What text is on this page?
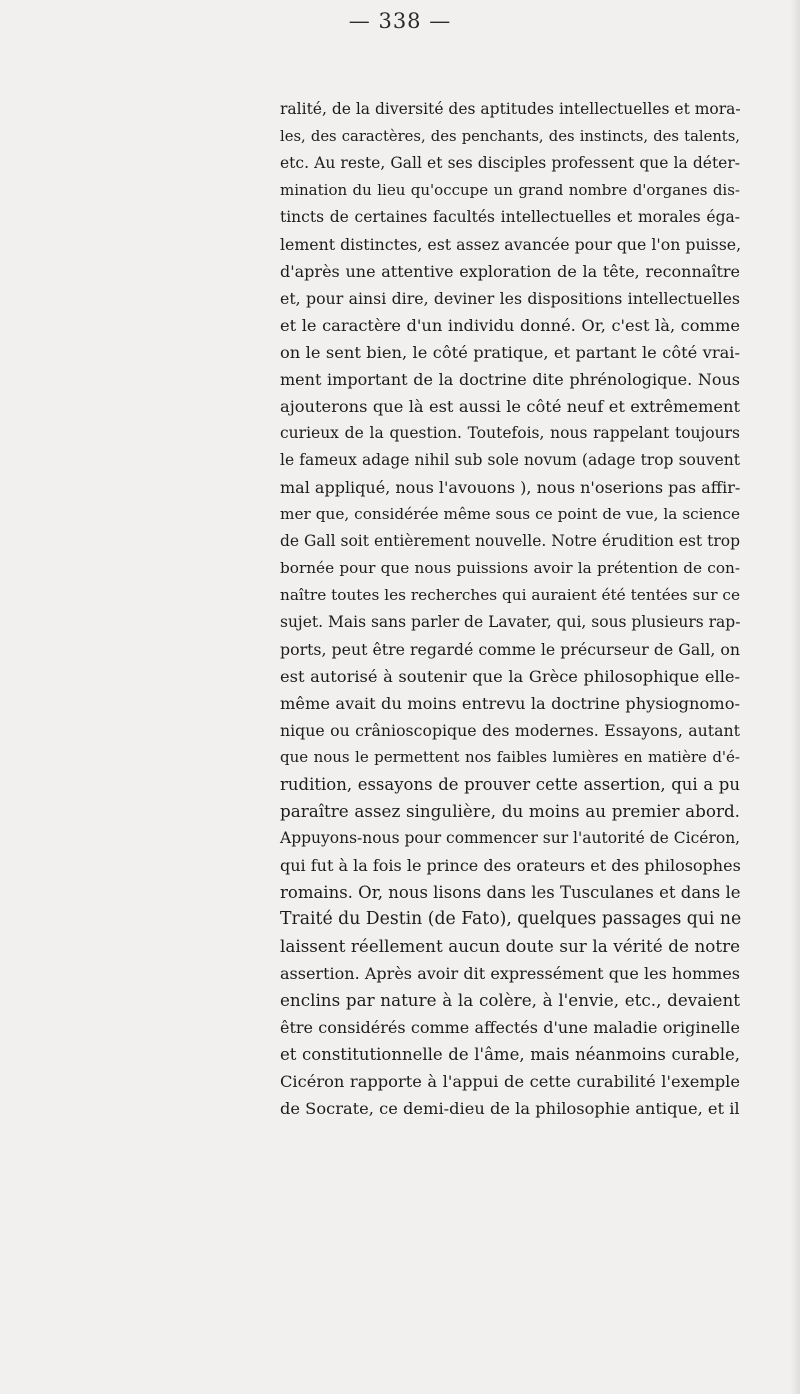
— 338 —
ralité, de la diversité des aptitudes intellectuelles et mora-
les, des caractères, des penchants, des instincts, des talents,
etc. Au reste, Gall et ses disciples professent que la déter-
mination du lieu qu'occupe un grand nombre d'organes dis-
tincts de certaines facultés intellectuelles et morales éga-
lement distinctes, est assez avancée pour que l'on puisse,
d'après une attentive exploration de la tête, reconnaître
et, pour ainsi dire, deviner les dispositions intellectuelles
et le caractère d'un individu donné. Or, c'est là, comme
on le sent bien, le côté pratique, et partant le côté vrai-
ment important de la doctrine dite phrénologique. Nous
ajouterons que là est aussi le côté neuf et extrêmement
curieux de la question. Toutefois, nous rappelant toujours
le fameux adage nihil sub sole novum (adage trop souvent
mal appliqué, nous l'avouons ), nous n'oserions pas affir-
mer que, considérée même sous ce point de vue, la science
de Gall soit entièrement nouvelle. Notre érudition est trop
bornée pour que nous puissions avoir la prétention de con-
naître toutes les recherches qui auraient été tentées sur ce
sujet. Mais sans parler de Lavater, qui, sous plusieurs rap-
ports, peut être regardé comme le précurseur de Gall, on
est autorisé à soutenir que la Grèce philosophique elle-
même avait du moins entrevu la doctrine physiognomo-
nique ou crânioscopique des modernes. Essayons, autant
que nous le permettent nos faibles lumières en matière d'é-
rudition, essayons de prouver cette assertion, qui a pu
paraître assez singulière, du moins au premier abord.
Appuyons-nous pour commencer sur l'autorité de Cicéron,
qui fut à la fois le prince des orateurs et des philosophes
romains. Or, nous lisons dans les Tusculanes et dans le
Traité du Destin (de Fato), quelques passages qui ne
laissent réellement aucun doute sur la vérité de notre
assertion. Après avoir dit expressément que les hommes
enclins par nature à la colère, à l'envie, etc., devaient
être considérés comme affectés d'une maladie originelle
et constitutionnelle de l'âme, mais néanmoins curable,
Cicéron rapporte à l'appui de cette curabilité l'exemple
de Socrate, ce demi-dieu de la philosophie antique, et il
